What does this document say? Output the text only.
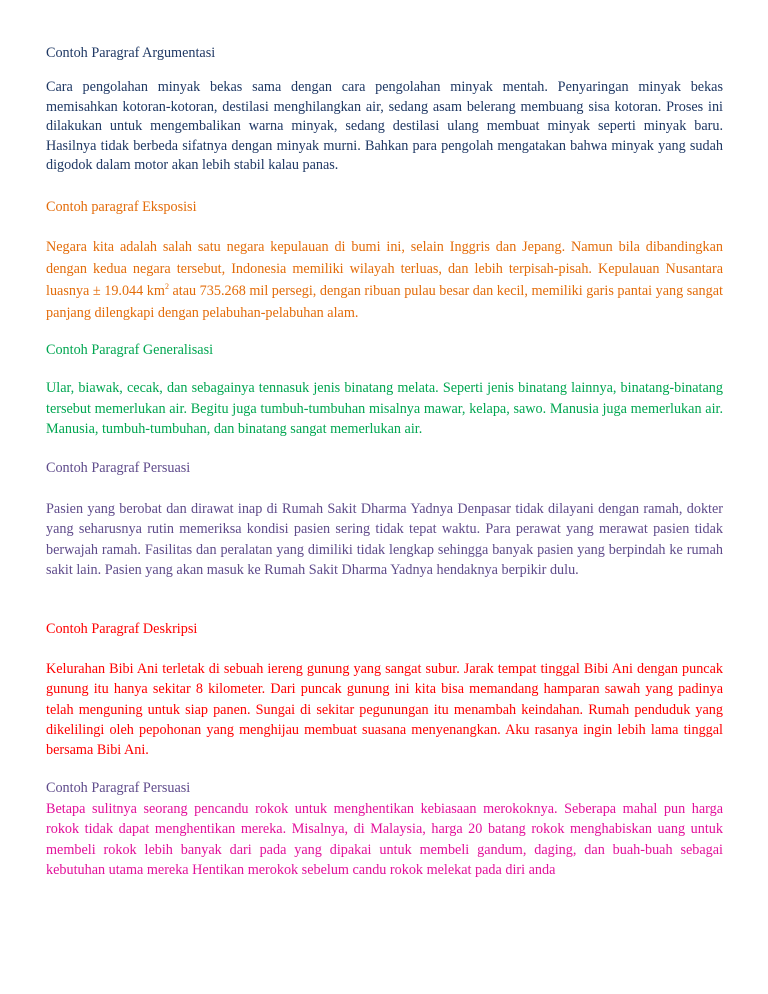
Contoh Paragraf Argumentasi

Cara pengolahan minyak bekas sama dengan cara pengolahan minyak mentah. Penyaringan minyak bekas memisahkan kotoran-kotoran, destilasi menghilangkan air, sedang asam belerang membuang sisa kotoran. Proses ini dilakukan untuk mengembalikan warna minyak, sedang destilasi ulang membuat minyak seperti minyak baru. Hasilnya tidak berbeda sifatnya dengan minyak murni. Bahkan para pengolah mengatakan bahwa minyak yang sudah digodok dalam motor akan lebih stabil kalau panas.

Contoh paragraf Eksposisi

Negara kita adalah salah satu negara kepulauan di bumi ini, selain Inggris dan Jepang. Namun bila dibandingkan dengan kedua negara tersebut, Indonesia memiliki wilayah terluas, dan lebih terpisah-pisah. Kepulauan Nusantara luasnya ± 19.044 $km^2$ atau 735.268 mil persegi, dengan ribuan pulau besar dan kecil, memiliki garis pantai yang sangat panjang dilengkapi dengan pelabuhan-pelabuhan alam.

Contoh Paragraf Generalisasi

Ular, biawak, cecak, dan sebagainya tennasuk jenis binatang melata. Seperti jenis binatang lainnya, binatang-binatang tersebut memerlukan air. Begitu juga tumbuh-tumbuhan misalnya mawar, kelapa, sawo. Manusia juga memerlukan air. Manusia, tumbuh-tumbuhan, dan binatang sangat memerlukan air.

Contoh Paragraf Persuasi

Pasien yang berobat dan dirawat inap di Rumah Sakit Dharma Yadnya Denpasar tidak dilayani dengan ramah, dokter yang seharusnya rutin memeriksa kondisi pasien sering tidak tepat waktu. Para perawat yang merawat pasien tidak berwajah ramah. Fasilitas dan peralatan yang dimiliki tidak lengkap sehingga banyak pasien yang berpindah ke rumah sakit lain. Pasien yang akan masuk ke Rumah Sakit Dharma Yadnya hendaknya berpikir dulu.

Contoh Paragraf Deskripsi

Kelurahan Bibi Ani terletak di sebuah iereng gunung yang sangat subur. Jarak tempat tinggal Bibi Ani dengan puncak gunung itu hanya sekitar 8 kilometer. Dari puncak gunung ini kita bisa memandang hamparan sawah yang padinya telah menguning untuk siap panen. Sungai di sekitar pegunungan itu menambah keindahan. Rumah penduduk yang dikelilingi oleh pepohonan yang menghijau membuat suasana menyenangkan. Aku rasanya ingin lebih lama tinggal bersama Bibi Ani.

Contoh Paragraf Persuasi

Betapa sulitnya seorang pencandu rokok untuk menghentikan kebiasaan merokoknya. Seberapa mahal pun harga rokok tidak dapat menghentikan mereka. Misalnya, di Malaysia, harga 20 batang rokok menghabiskan uang untuk membeli rokok lebih banyak dari pada yang dipakai untuk membeli gandum, daging, dan buah-buah sebagai kebutuhan utama mereka Hentikan merokok sebelum candu rokok melekat pada diri anda
